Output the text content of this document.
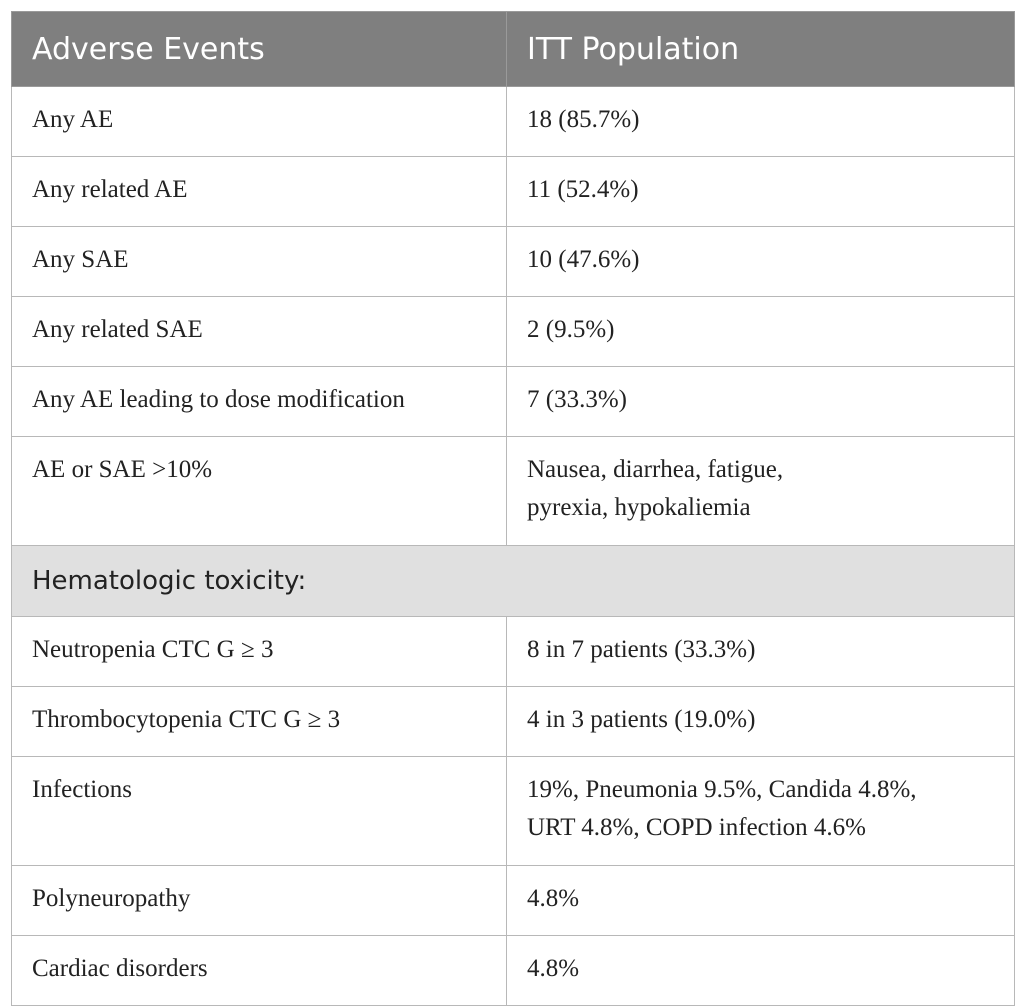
Adverse Events	ITT Population
Any AE	18 (85.7%)
Any related AE	11 (52.4%)
Any SAE	10 (47.6%)
Any related SAE	2 (9.5%)
Any AE leading to dose modification	7 (33.3%)
AE or SAE >10%	Nausea, diarrhea, fatigue,
pyrexia, hypokaliemia

Hematologic toxicity:	
Neutropenia CTC G ≥ 3	8 in 7 patients (33.3%)
Thrombocytopenia CTC G ≥ 3	4 in 3 patients (19.0%)
Infections	19%, Pneumonia 9.5%, Candida 4.8%,
URT 4.8%, COPD infection 4.6%

Polyneuropathy	4.8%
Cardiac disorders	4.8%
